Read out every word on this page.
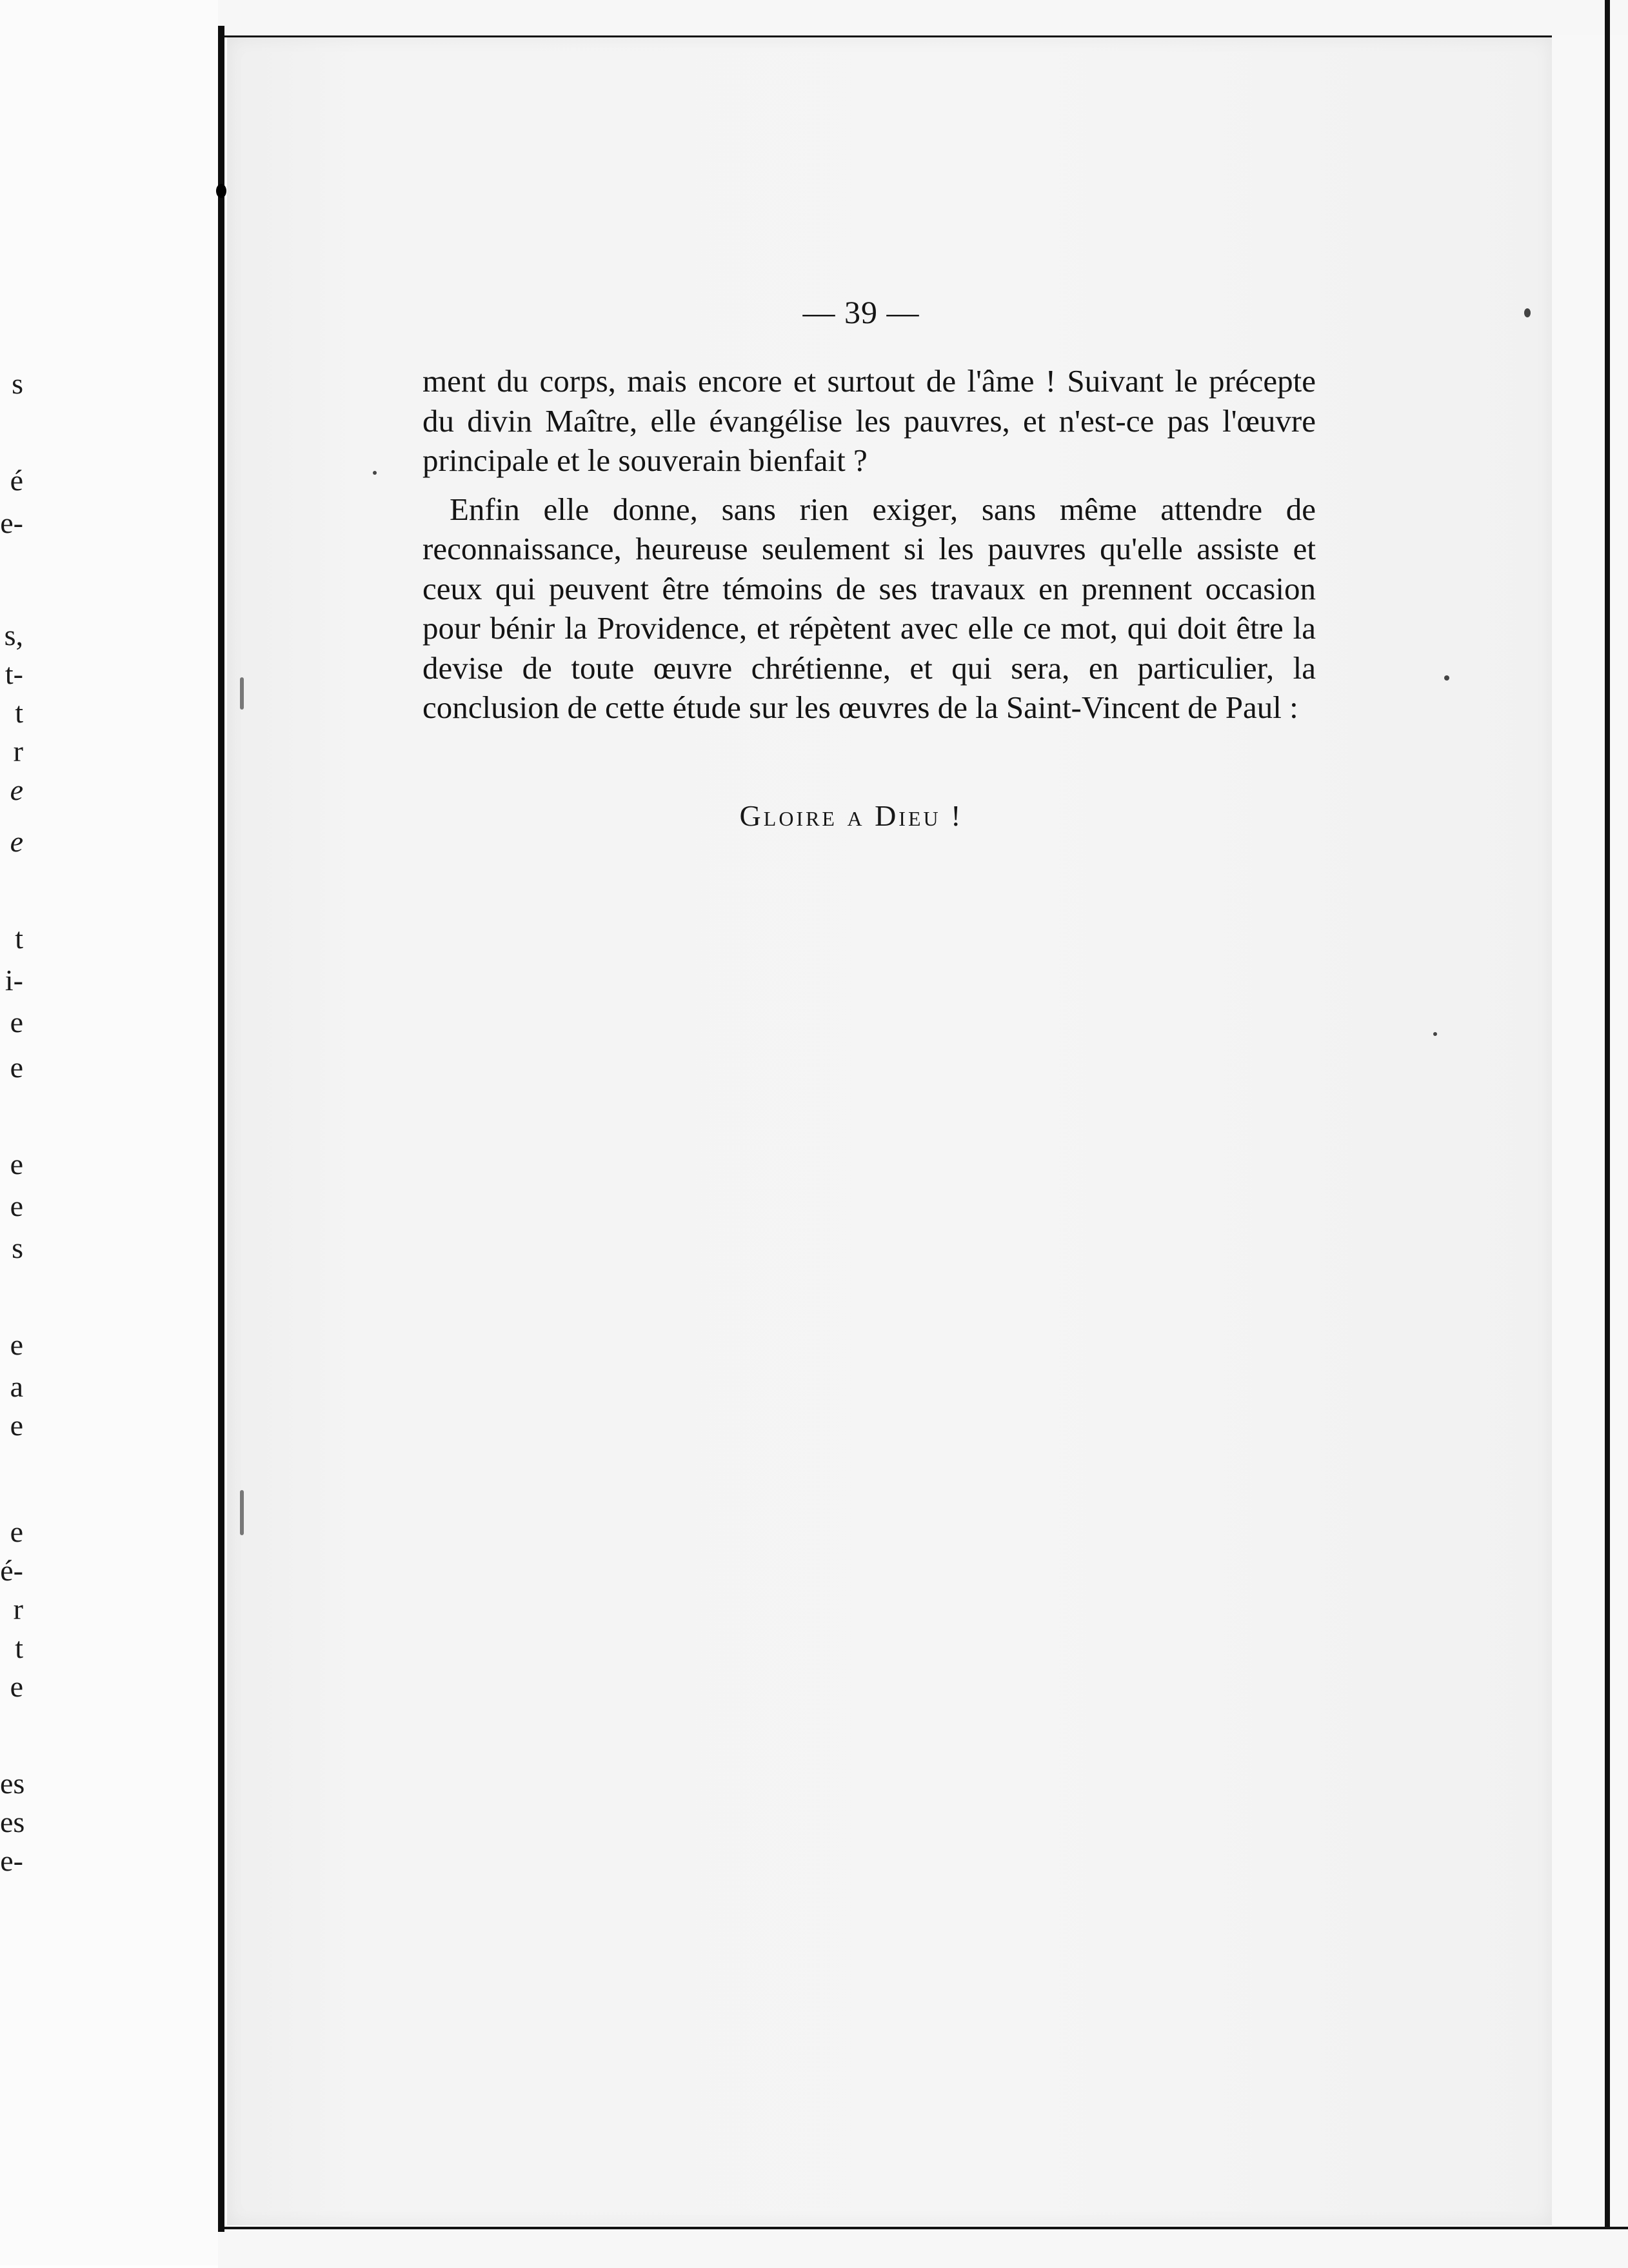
s
é
e-
s,
t-
t
r
e
e
t
i-
e
e
e
e
s
e
a
e
e
é-
r
t
e
es
es
e-
— 39 —

ment du corps, mais encore et surtout de l'âme ! Suivant le précepte du divin Maître, elle évangélise les pauvres, et n'est-ce pas l'œuvre principale et le souverain bienfait ?

Enfin elle donne, sans rien exiger, sans même attendre de reconnaissance, heureuse seulement si les pauvres qu'elle assiste et ceux qui peuvent être témoins de ses travaux en prennent occasion pour bénir la Providence, et répètent avec elle ce mot, qui doit être la devise de toute œuvre chrétienne, et qui sera, en particulier, la conclusion de cette étude sur les œuvres de la Saint-Vincent de Paul :

Gloire a Dieu !
